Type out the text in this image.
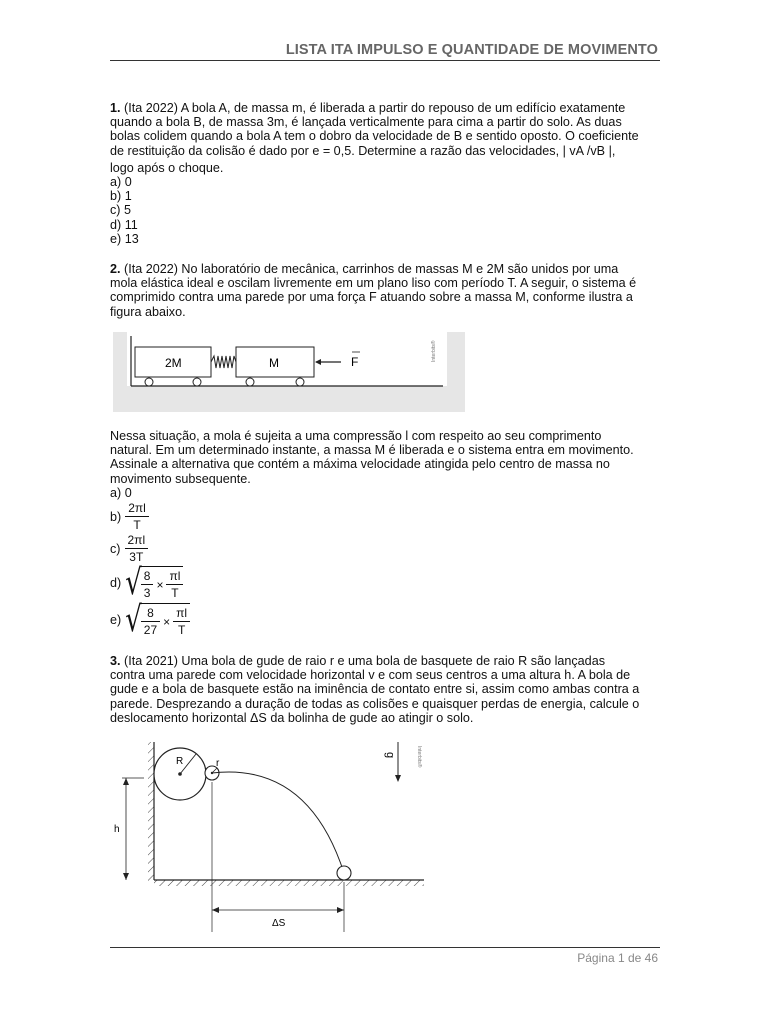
LISTA ITA IMPULSO E QUANTIDADE DE MOVIMENTO

1. (Ita 2022) A bola A, de massa m, é liberada a partir do repouso de um edifício exatamente

quando a bola B, de massa 3m, é lançada verticalmente para cima a partir do solo. As duas

bolas colidem quando a bola A tem o dobro da velocidade de B e sentido oposto. O coeficiente

de restituição da colisão é dado por e = 0,5. Determine a razão das velocidades, | vA /vB |,

logo após o choque.

a) 0

b) 1

c) 5

d) 11

e) 13

2. (Ita 2022) No laboratório de mecânica, carrinhos de massas M e 2M são unidos por uma

mola elástica ideal e oscilam livremente em um plano liso com período T. A seguir, o sistema é

comprimido contra uma parede por uma força F atuando sobre a massa M, conforme ilustra a

figura abaixo.

2M	M	F	Interbits®

Nessa situação, a mola é sujeita a uma compressão l com respeito ao seu comprimento

natural. Em um determinado instante, a massa M é liberada e o sistema entra em movimento.

Assinale a alternativa que contém a máxima velocidade atingida pelo centro de massa no

movimento subsequente.

a) 0

$b) \frac{2\pi l}{T}$
$c) \frac{2\pi l}{3T}$
d) √ $\frac{8}{3} \times \frac{\pi l}{T}$
e) √ $\frac{8}{27} \times \frac{\pi l}{T}$

3. (Ita 2021) Uma bola de gude de raio r e uma bola de basquete de raio R são lançadas

contra uma parede com velocidade horizontal v e com seus centros a uma altura h. A bola de

gude e a bola de basquete estão na iminência de contato entre si, assim como ambas contra a

parede. Desprezando a duração de todas as colisões e quaisquer perdas de energia, calcule o

deslocamento horizontal ΔS da bolinha de gude ao atingir o solo.

R	r
h
ΔS
g	Interbits®
Página 1 de 46
